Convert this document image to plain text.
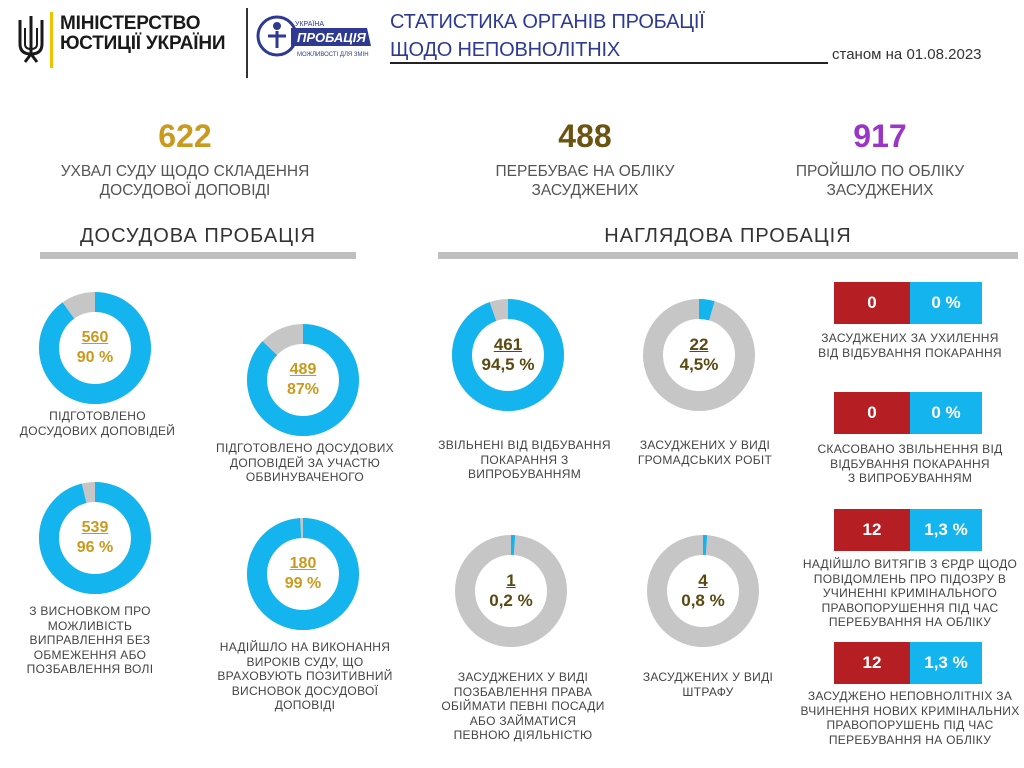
МІНІСТЕРСТВО
ЮСТИЦІЇ УКРАЇНИ
УКРАЇНА
ПРОБАЦІЯ
МОЖЛИВОСТІ ДЛЯ ЗМІН
СТАТИСТИКА ОРГАНІВ ПРОБАЦІЇ
ЩОДО НЕПОВНОЛІТНІХ	станом на 01.08.2023
622
УХВАЛ СУДУ ЩОДО СКЛАДЕННЯ
ДОСУДОВОЇ ДОПОВІДІ
488
ПЕРЕБУВАЄ НА ОБЛІКУ
ЗАСУДЖЕНИХ
917
ПРОЙШЛО ПО ОБЛІКУ
ЗАСУДЖЕНИХ
ДОСУДОВА ПРОБАЦІЯ	НАГЛЯДОВА ПРОБАЦІЯ
560
90 %
ПІДГОТОВЛЕНО
ДОСУДОВИХ ДОПОВІДЕЙ
489
87%
ПІДГОТОВЛЕНО ДОСУДОВИХ
ДОПОВІДЕЙ ЗА УЧАСТЮ
ОБВИНУВАЧЕНОГО
539
96 %
З ВИСНОВКОМ ПРО
МОЖЛИВІСТЬ
ВИПРАВЛЕННЯ БЕЗ
ОБМЕЖЕННЯ АБО
ПОЗБАВЛЕННЯ ВОЛІ
180
99 %
НАДІЙШЛО НА ВИКОНАННЯ
ВИРОКІВ СУДУ, ЩО
ВРАХОВУЮТЬ ПОЗИТИВНИЙ
ВИСНОВОК ДОСУДОВОЇ
ДОПОВІДІ
461
94,5 %
ЗВІЛЬНЕНІ ВІД ВІДБУВАННЯ
ПОКАРАННЯ З
ВИПРОБУВАННЯМ
22
4,5%
ЗАСУДЖЕНИХ У ВИДІ
ГРОМАДСЬКИХ РОБІТ
1
0,2 %
ЗАСУДЖЕНИХ У ВИДІ
ПОЗБАВЛЕННЯ ПРАВА
ОБІЙМАТИ ПЕВНІ ПОСАДИ
АБО ЗАЙМАТИСЯ
ПЕВНОЮ ДІЯЛЬНІСТЮ
4
0,8 %
ЗАСУДЖЕНИХ У ВИДІ
ШТРАФУ
0	0 %
ЗАСУДЖЕНИХ ЗА УХИЛЕННЯ
ВІД ВІДБУВАННЯ ПОКАРАННЯ
0	0 %
СКАСОВАНО ЗВІЛЬНЕННЯ ВІД
ВІДБУВАННЯ ПОКАРАННЯ
З ВИПРОБУВАННЯМ
12	1,3 %
НАДІЙШЛО ВИТЯГІВ З ЄРДР ЩОДО
ПОВІДОМЛЕНЬ ПРО ПІДОЗРУ В
УЧИНЕННІ КРИМІНАЛЬНОГО
ПРАВОПОРУШЕННЯ ПІД ЧАС
ПЕРЕБУВАННЯ НА ОБЛІКУ
12	1,3 %
ЗАСУДЖЕНО НЕПОВНОЛІТНІХ ЗА
ВЧИНЕННЯ НОВИХ КРИМІНАЛЬНИХ
ПРАВОПОРУШЕНЬ ПІД ЧАС
ПЕРЕБУВАННЯ НА ОБЛІКУ
